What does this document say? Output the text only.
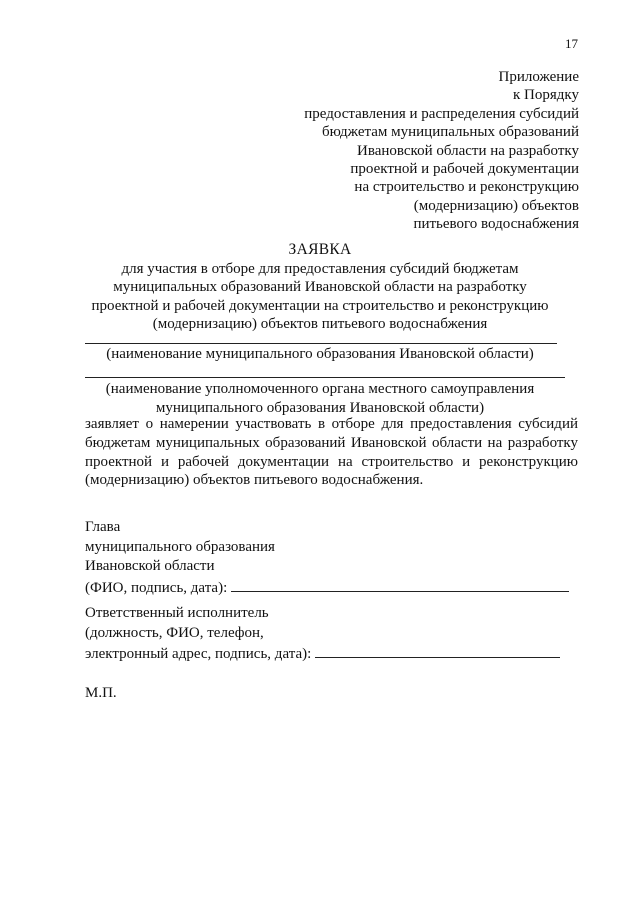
17
Приложение
к Порядку
предоставления и распределения субсидий
бюджетам муниципальных образований
Ивановской области на разработку
проектной и рабочей документации
на строительство и реконструкцию
(модернизацию) объектов
питьевого водоснабжения
ЗАЯВКА
для участия в отборе для предоставления субсидий бюджетам
муниципальных образований Ивановской области на разработку
проектной и рабочей документации на строительство и реконструкцию
(модернизацию) объектов питьевого водоснабжения
(наименование муниципального образования Ивановской области)
(наименование уполномоченного органа местного самоуправления
муниципального образования Ивановской области)
заявляет о намерении участвовать в отборе для предоставления субсидий
бюджетам муниципальных образований Ивановской области на разработку
проектной и рабочей документации на строительство и реконструкцию
(модернизацию) объектов питьевого водоснабжения.
Глава
муниципального образования
Ивановской области
(ФИО, подпись, дата):
Ответственный исполнитель
(должность, ФИО, телефон,
электронный адрес, подпись, дата):
М.П.
